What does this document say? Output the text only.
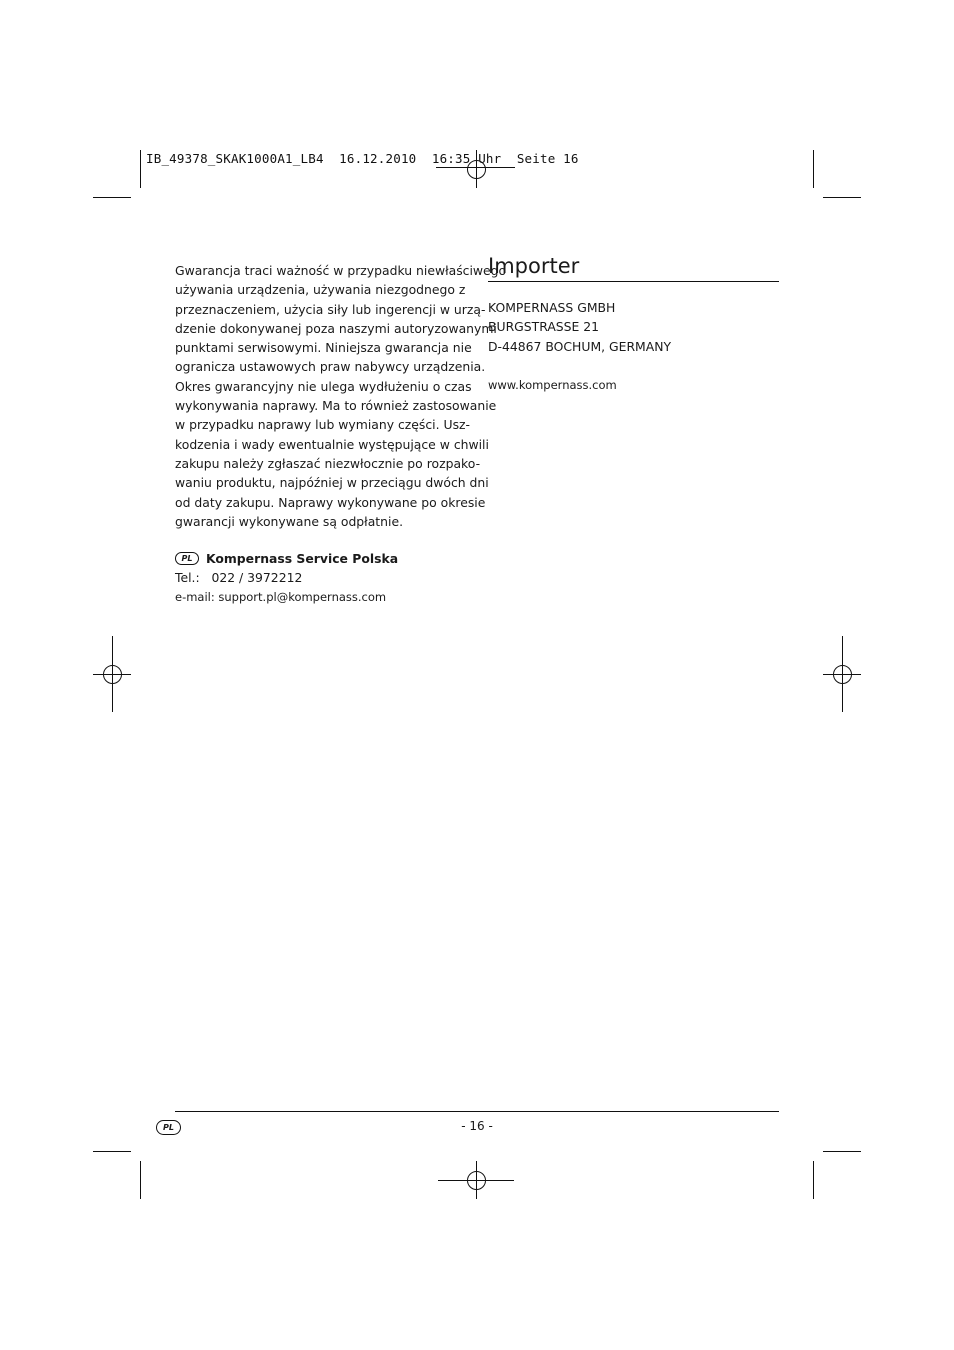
IB_49378_SKAK1000A1_LB4  16.12.2010  16:35 Uhr  Seite 16
Gwarancja traci ważność w przypadku niewłaściwego
używania urządzenia, używania niezgodnego z
przeznaczeniem, użycia siły lub ingerencji w urzą-
dzenie dokonywanej poza naszymi autoryzowanymi
punktami serwisowymi. Niniejsza gwarancja nie
ogranicza ustawowych praw nabywcy urządzenia.
Okres gwarancyjny nie ulega wydłużeniu o czas
wykonywania naprawy. Ma to również zastosowanie
w przypadku naprawy lub wymiany części. Usz-
kodzenia i wady ewentualnie występujące w chwili
zakupu należy zgłaszać niezwłocznie po rozpako-
waniu produktu, najpóźniej w przeciągu dwóch dni
od daty zakupu. Naprawy wykonywane po okresie
gwarancji wykonywane są odpłatnie.
PL	Kompernass Service Polska
Tel.:   022 / 3972212
e-mail: support.pl@kompernass.com
Importer
KOMPERNASS GMBH
BURGSTRASSE 21
D-44867 BOCHUM, GERMANY
www.kompernass.com
PL	- 16 -
